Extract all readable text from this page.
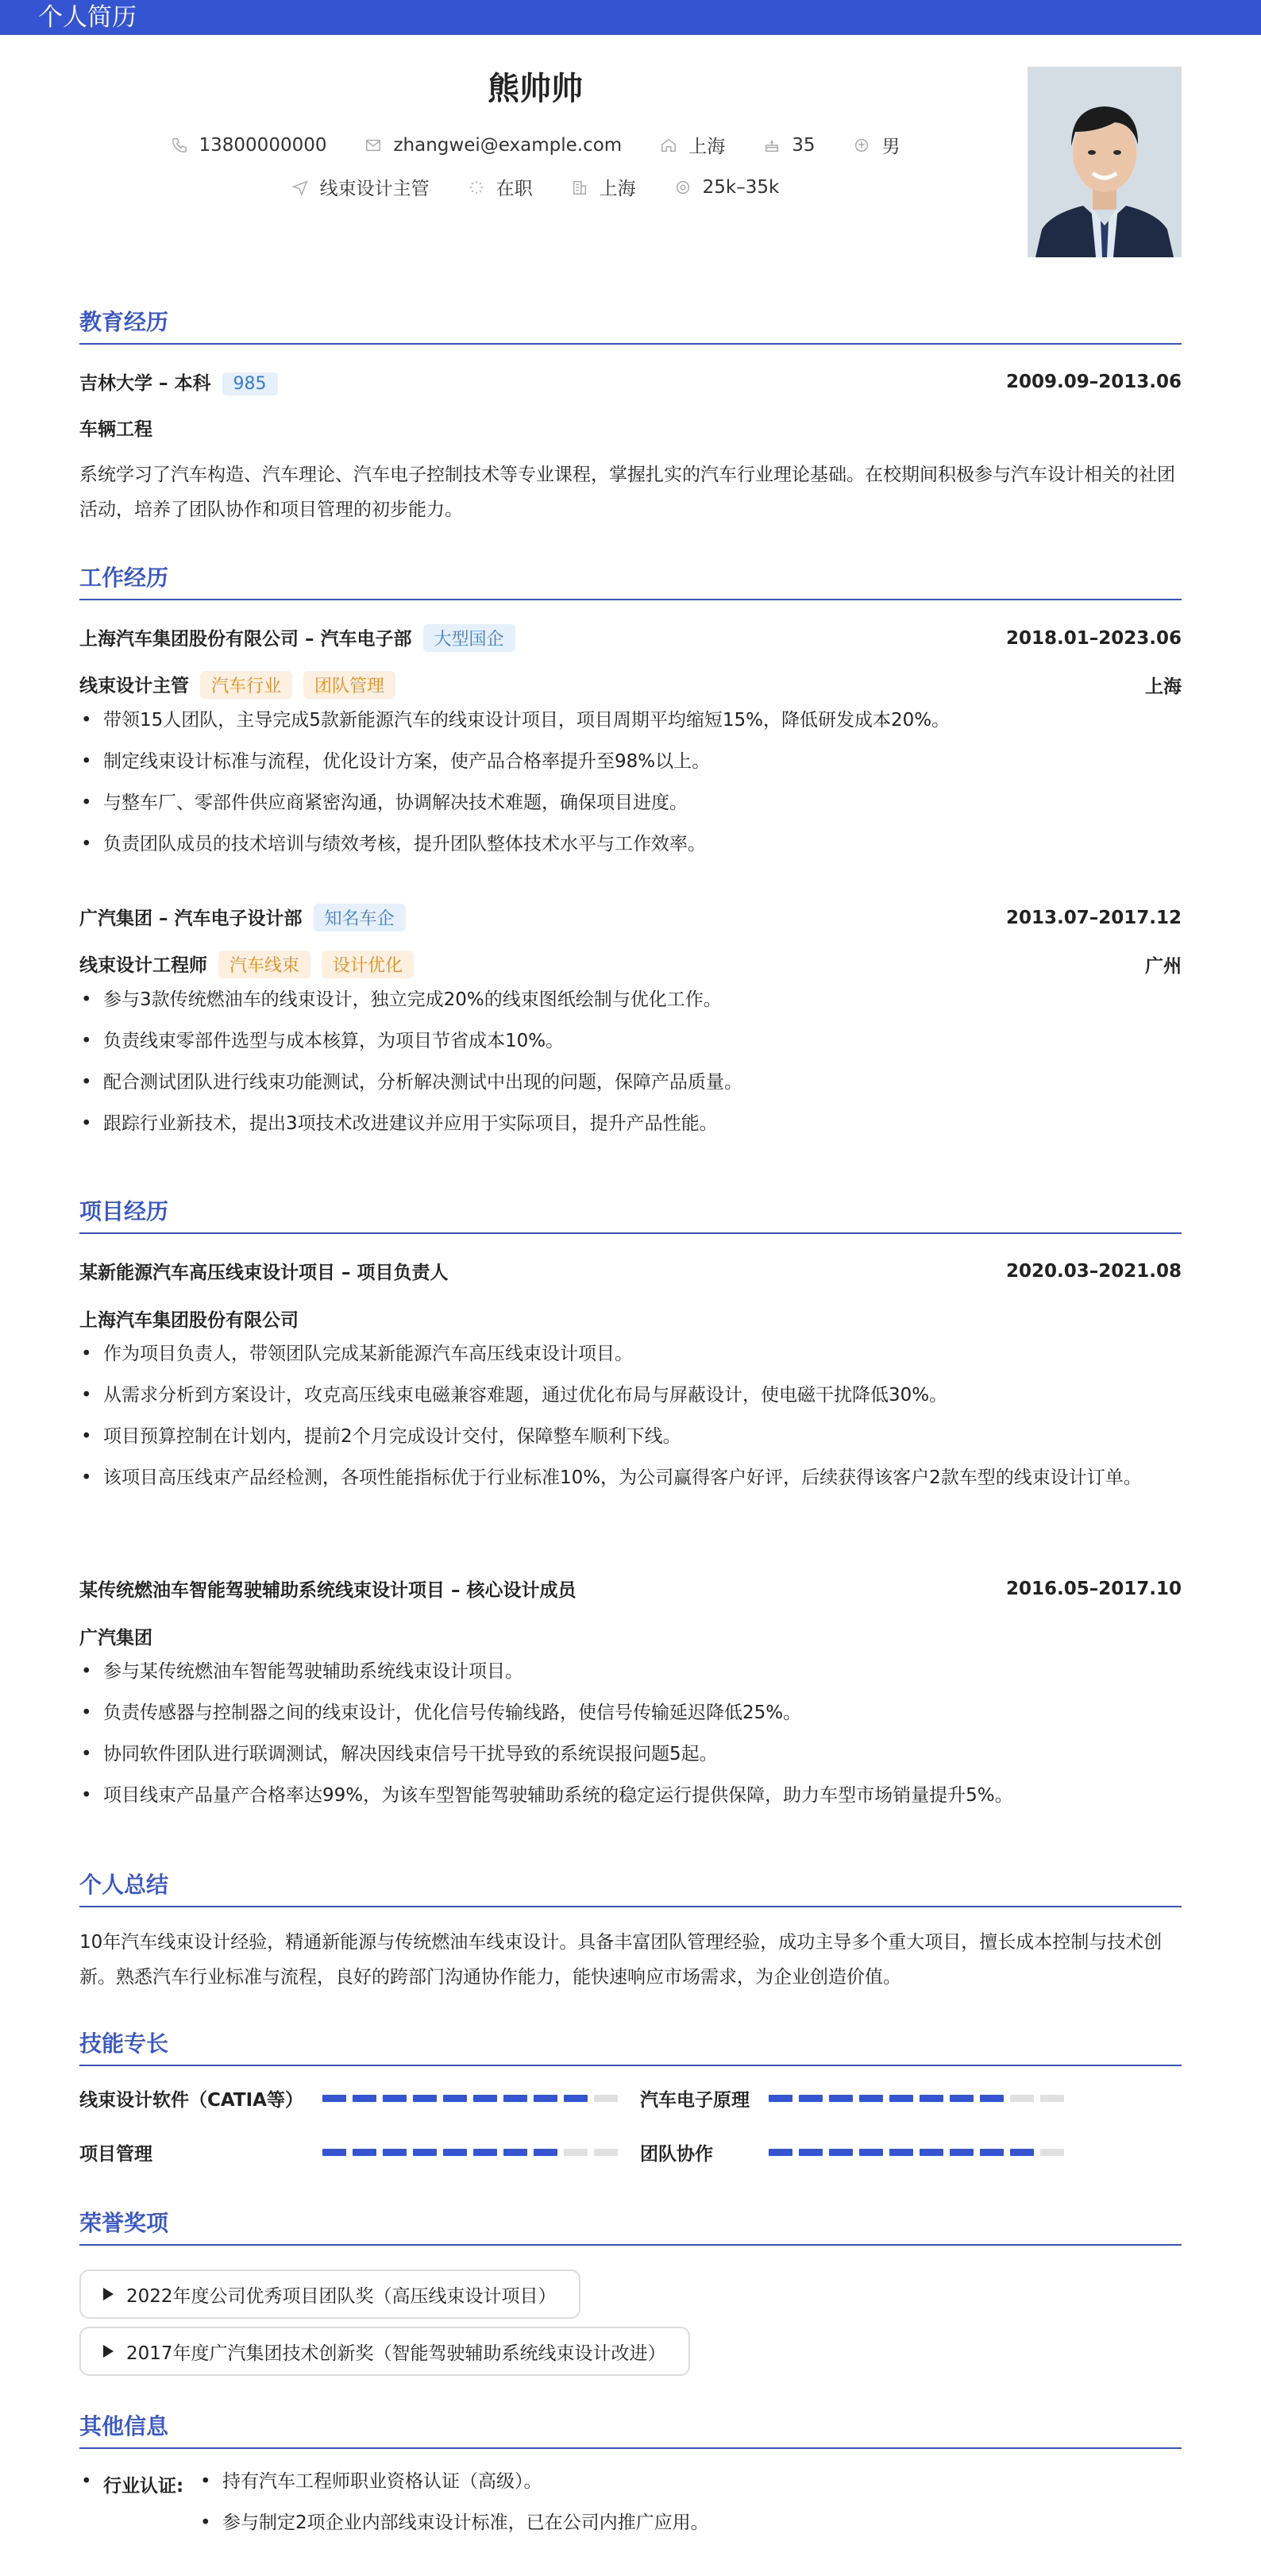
个人简历
熊帅帅
13800000000	zhangwei@example.com	上海	35	男
线束设计主管	在职	上海	25k–35k
教育经历
吉林大学 – 本科 985	2009.09–2013.06
车辆工程
系统学习了汽车构造、汽车理论、汽车电子控制技术等专业课程，掌握扎实的汽车行业理论基础。在校期间积极参与汽车设计相关的社团活动，培养了团队协作和项目管理的初步能力。
工作经历
上海汽车集团股份有限公司 – 汽车电子部 大型国企	2018.01–2023.06
线束设计主管 汽车行业 团队管理	上海
• 带领15人团队，主导完成5款新能源汽车的线束设计项目，项目周期平均缩短15%，降低研发成本20%。
• 制定线束设计标准与流程，优化设计方案，使产品合格率提升至98%以上。
• 与整车厂、零部件供应商紧密沟通，协调解决技术难题，确保项目进度。
• 负责团队成员的技术培训与绩效考核，提升团队整体技术水平与工作效率。
广汽集团 – 汽车电子设计部 知名车企	2013.07–2017.12
线束设计工程师 汽车线束 设计优化	广州
• 参与3款传统燃油车的线束设计，独立完成20%的线束图纸绘制与优化工作。
• 负责线束零部件选型与成本核算，为项目节省成本10%。
• 配合测试团队进行线束功能测试，分析解决测试中出现的问题，保障产品质量。
• 跟踪行业新技术，提出3项技术改进建议并应用于实际项目，提升产品性能。
项目经历
某新能源汽车高压线束设计项目 – 项目负责人	2020.03–2021.08
上海汽车集团股份有限公司
• 作为项目负责人，带领团队完成某新能源汽车高压线束设计项目。
• 从需求分析到方案设计，攻克高压线束电磁兼容难题，通过优化布局与屏蔽设计，使电磁干扰降低30%。
• 项目预算控制在计划内，提前2个月完成设计交付，保障整车顺利下线。
• 该项目高压线束产品经检测，各项性能指标优于行业标准10%，为公司赢得客户好评，后续获得该客户2款车型的线束设计订单。
某传统燃油车智能驾驶辅助系统线束设计项目 – 核心设计成员	2016.05–2017.10
广汽集团
• 参与某传统燃油车智能驾驶辅助系统线束设计项目。
• 负责传感器与控制器之间的线束设计，优化信号传输线路，使信号传输延迟降低25%。
• 协同软件团队进行联调测试，解决因线束信号干扰导致的系统误报问题5起。
• 项目线束产品量产合格率达99%，为该车型智能驾驶辅助系统的稳定运行提供保障，助力车型市场销量提升5%。
个人总结
10年汽车线束设计经验，精通新能源与传统燃油车线束设计。具备丰富团队管理经验，成功主导多个重大项目，擅长成本控制与技术创新。熟悉汽车行业标准与流程，良好的跨部门沟通协作能力，能快速响应市场需求，为企业创造价值。
技能专长
线束设计软件（CATIA等）	汽车电子原理
项目管理	团队协作
荣誉奖项
2022年度公司优秀项目团队奖（高压线束设计项目）
2017年度广汽集团技术创新奖（智能驾驶辅助系统线束设计改进）
其他信息
• 行业认证:
•	持有汽车工程师职业资格认证（高级）。
• 参与制定2项企业内部线束设计标准，已在公司内推广应用。
